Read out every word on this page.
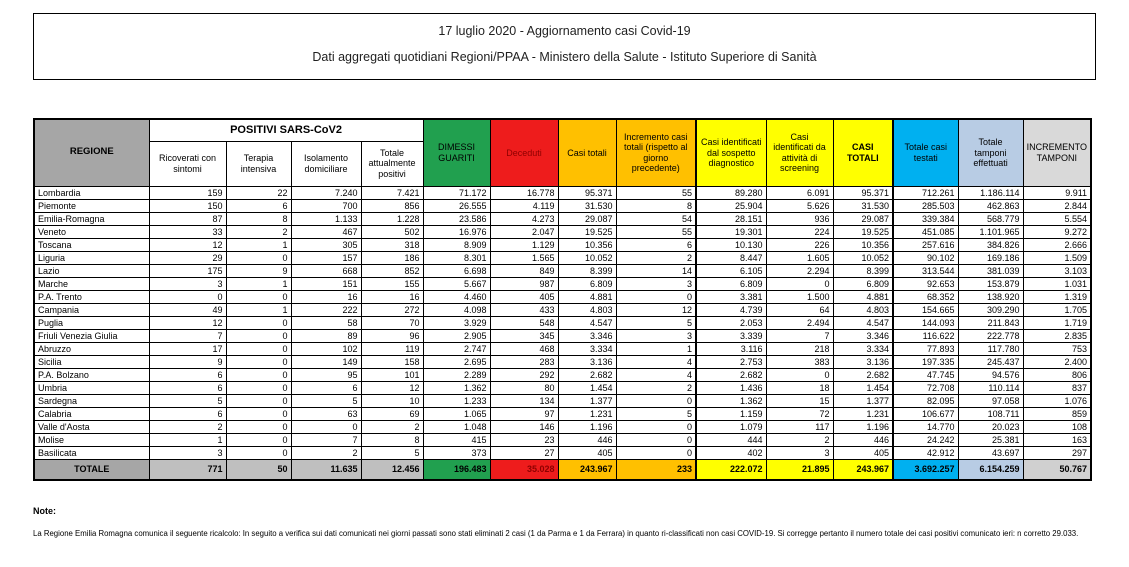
17 luglio 2020 - Aggiornamento casi Covid-19
Dati aggregati quotidiani Regioni/PPAA - Ministero della Salute - Istituto Superiore di Sanità
REGIONE	POSITIVI SARS-CoV2				DIMESSI GUARITI	Deceduti	Casi totali	Incremento casi totali (rispetto al giorno precedente)	Casi identificati dal sospetto diagnostico	Casi identificati da attività di screening	CASI TOTALI	Totale casi testati	Totale tamponi effettuati	INCREMENTO TAMPONI
	Ricoverati con sintomi	Terapia intensiva	Isolamento domiciliare	Totale attualmente positivi										
Lombardia	159	22	7.240	7.421	71.172	16.778	95.371	55	89.280	6.091	95.371	712.261	1.186.114	9.911
Piemonte	150	6	700	856	26.555	4.119	31.530	8	25.904	5.626	31.530	285.503	462.863	2.844
Emilia-Romagna	87	8	1.133	1.228	23.586	4.273	29.087	54	28.151	936	29.087	339.384	568.779	5.554
Veneto	33	2	467	502	16.976	2.047	19.525	55	19.301	224	19.525	451.085	1.101.965	9.272
Toscana	12	1	305	318	8.909	1.129	10.356	6	10.130	226	10.356	257.616	384.826	2.666
Liguria	29	0	157	186	8.301	1.565	10.052	2	8.447	1.605	10.052	90.102	169.186	1.509
Lazio	175	9	668	852	6.698	849	8.399	14	6.105	2.294	8.399	313.544	381.039	3.103
Marche	3	1	151	155	5.667	987	6.809	3	6.809	0	6.809	92.653	153.879	1.031
P.A. Trento	0	0	16	16	4.460	405	4.881	0	3.381	1.500	4.881	68.352	138.920	1.319
Campania	49	1	222	272	4.098	433	4.803	12	4.739	64	4.803	154.665	309.290	1.705
Puglia	12	0	58	70	3.929	548	4.547	5	2.053	2.494	4.547	144.093	211.843	1.719
Friuli Venezia Giulia	7	0	89	96	2.905	345	3.346	3	3.339	7	3.346	116.622	222.778	2.835
Abruzzo	17	0	102	119	2.747	468	3.334	1	3.116	218	3.334	77.893	117.780	753
Sicilia	9	0	149	158	2.695	283	3.136	4	2.753	383	3.136	197.335	245.437	2.400
P.A. Bolzano	6	0	95	101	2.289	292	2.682	4	2.682	0	2.682	47.745	94.576	806
Umbria	6	0	6	12	1.362	80	1.454	2	1.436	18	1.454	72.708	110.114	837
Sardegna	5	0	5	10	1.233	134	1.377	0	1.362	15	1.377	82.095	97.058	1.076
Calabria	6	0	63	69	1.065	97	1.231	5	1.159	72	1.231	106.677	108.711	859
Valle d'Aosta	2	0	0	2	1.048	146	1.196	0	1.079	117	1.196	14.770	20.023	108
Molise	1	0	7	8	415	23	446	0	444	2	446	24.242	25.381	163
Basilicata	3	0	2	5	373	27	405	0	402	3	405	42.912	43.697	297
TOTALE	771	50	11.635	12.456	196.483	35.028	243.967	233	222.072	21.895	243.967	3.692.257	6.154.259	50.767
Note:
La Regione Emilia Romagna comunica il seguente ricalcolo: In seguito a verifica sui dati comunicati nei giorni passati sono stati eliminati 2 casi (1 da Parma e 1 da Ferrara) in quanto ri-classificati non casi COVID-19. Si corregge pertanto il numero totale dei casi positivi comunicato ieri: n corretto 29.033.
